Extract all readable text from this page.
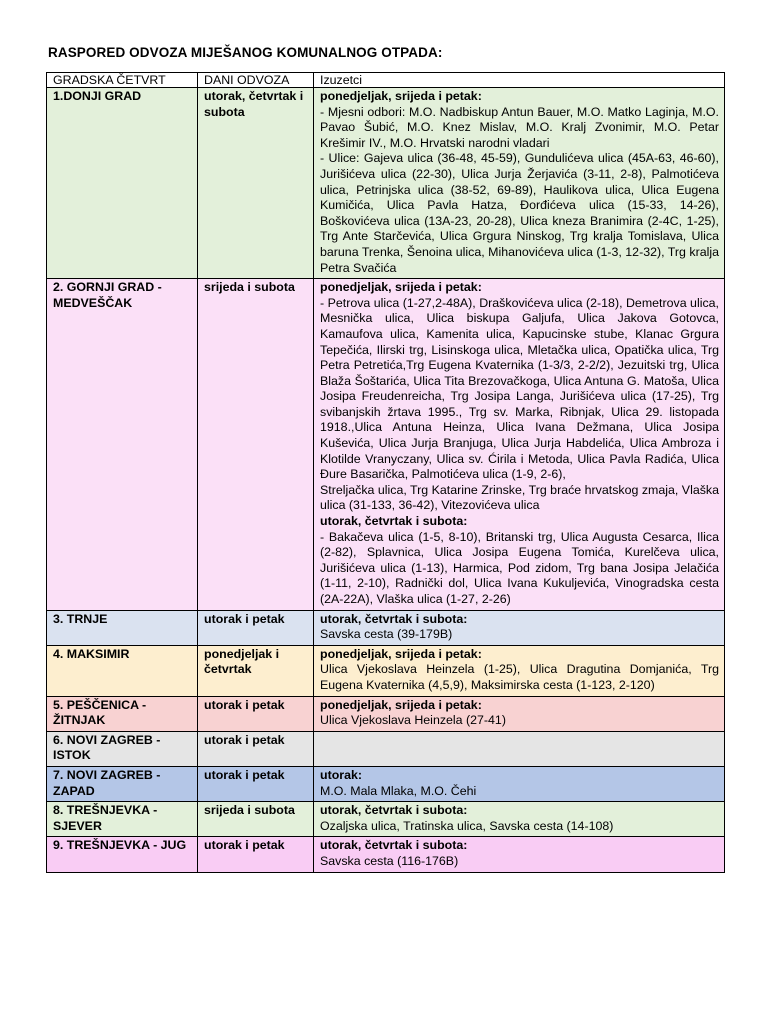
RASPORED ODVOZA MIJEŠANOG KOMUNALNOG OTPADA:
GRADSKA ČETVRT	DANI ODVOZA	Izuzetci
1.DONJI GRAD	utorak, četvrtak i subota	ponedjeljak, srijeda i petak:

- Mjesni odbori: M.O. Nadbiskup Antun Bauer, M.O. Matko Laginja, M.O. Pavao Šubić, M.O. Knez Mislav, M.O. Kralj Zvonimir, M.O. Petar Krešimir IV., M.O. Hrvatski narodni vladari

- Ulice: Gajeva ulica (36-48, 45-59), Gundulićeva ulica (45A-63, 46-60), Jurišićeva ulica (22-30), Ulica Jurja Žerjavića (3-11, 2-8), Palmotićeva ulica, Petrinjska ulica (38-52, 69-89), Haulikova ulica, Ulica Eugena Kumičića, Ulica Pavla Hatza, Đorđićeva ulica (15-33, 14-26), Boškovićeva ulica (13A-23, 20-28), Ulica kneza Branimira (2-4C, 1-25), Trg Ante Starčevića, Ulica Grgura Ninskog, Trg kralja Tomislava, Ulica baruna Trenka, Šenoina ulica, Mihanovićeva ulica (1-3, 12-32), Trg kralja Petra Svačića

2. GORNJI GRAD - MEDVEŠČAK	srijeda i subota	ponedjeljak, srijeda i petak:

- Petrova ulica (1-27,2-48A), Draškovićeva ulica (2-18), Demetrova ulica, Mesnička ulica, Ulica biskupa Galjufa, Ulica Jakova Gotovca, Kamaufova ulica, Kamenita ulica, Kapucinske stube, Klanac Grgura Tepečića, Ilirski trg, Lisinskoga ulica, Mletačka ulica, Opatička ulica, Trg Petra Petretića,Trg Eugena Kvaternika (1-3/3, 2-2/2), Jezuitski trg, Ulica Blaža Šoštarića, Ulica Tita Brezovačkoga, Ulica Antuna G. Matoša, Ulica Josipa Freudenreicha, Trg Josipa Langa, Jurišićeva ulica (17-25), Trg svibanjskih žrtava 1995., Trg sv. Marka, Ribnjak, Ulica 29. listopada 1918.,Ulica Antuna Heinza, Ulica Ivana Dežmana, Ulica Josipa Kuševića, Ulica Jurja Branjuga, Ulica Jurja Habdelića, Ulica Ambroza i Klotilde Vranyczany, Ulica sv. Ćirila i Metoda, Ulica Pavla Radića, Ulica Đure Basaričkа, Palmotićeva ulica (1-9, 2-6),

Streljačka ulica, Trg Katarine Zrinske, Trg braće hrvatskog zmaja, Vlaška ulica (31-133, 36-42), Vitezovićeva ulica

utorak, četvrtak i subota:

- Bakačeva ulica (1-5, 8-10), Britanski trg, Ulica Augusta Cesarca, Ilica (2-82), Splavnica, Ulica Josipa Eugena Tomića, Kurelčeva ulica, Jurišićeva ulica (1-13), Harmica, Pod zidom, Trg bana Josipa Jelačića (1-11, 2-10), Radnički dol, Ulica Ivana Kukuljevića, Vinogradska cesta (2A-22A), Vlaška ulica (1-27, 2-26)

3. TRNJE	utorak i petak	utorak, četvrtak i subota:

Savska cesta (39-179B)

4. MAKSIMIR	ponedjeljak i četvrtak	ponedjeljak, srijeda i petak:

Ulica Vjekoslava Heinzela (1-25), Ulica Dragutina Domjanića, Trg Eugena Kvaternika (4,5,9), Maksimirska cesta (1-123, 2-120)

5. PEŠČENICA - ŽITNJAK	utorak i petak	ponedjeljak, srijeda i petak:

Ulica Vjekoslava Heinzela (27-41)

6. NOVI ZAGREB - ISTOK	utorak i petak	
7. NOVI ZAGREB - ZAPAD	utorak i petak	utorak:

M.O. Mala Mlaka, M.O. Čehi

8. TREŠNJEVKA - SJEVER	srijeda i subota	utorak, četvrtak i subota:

Ozaljska ulica, Tratinska ulica, Savska cesta (14-108)

9. TREŠNJEVKA - JUG	utorak i petak	utorak, četvrtak i subota:

Savska cesta (116-176B)
